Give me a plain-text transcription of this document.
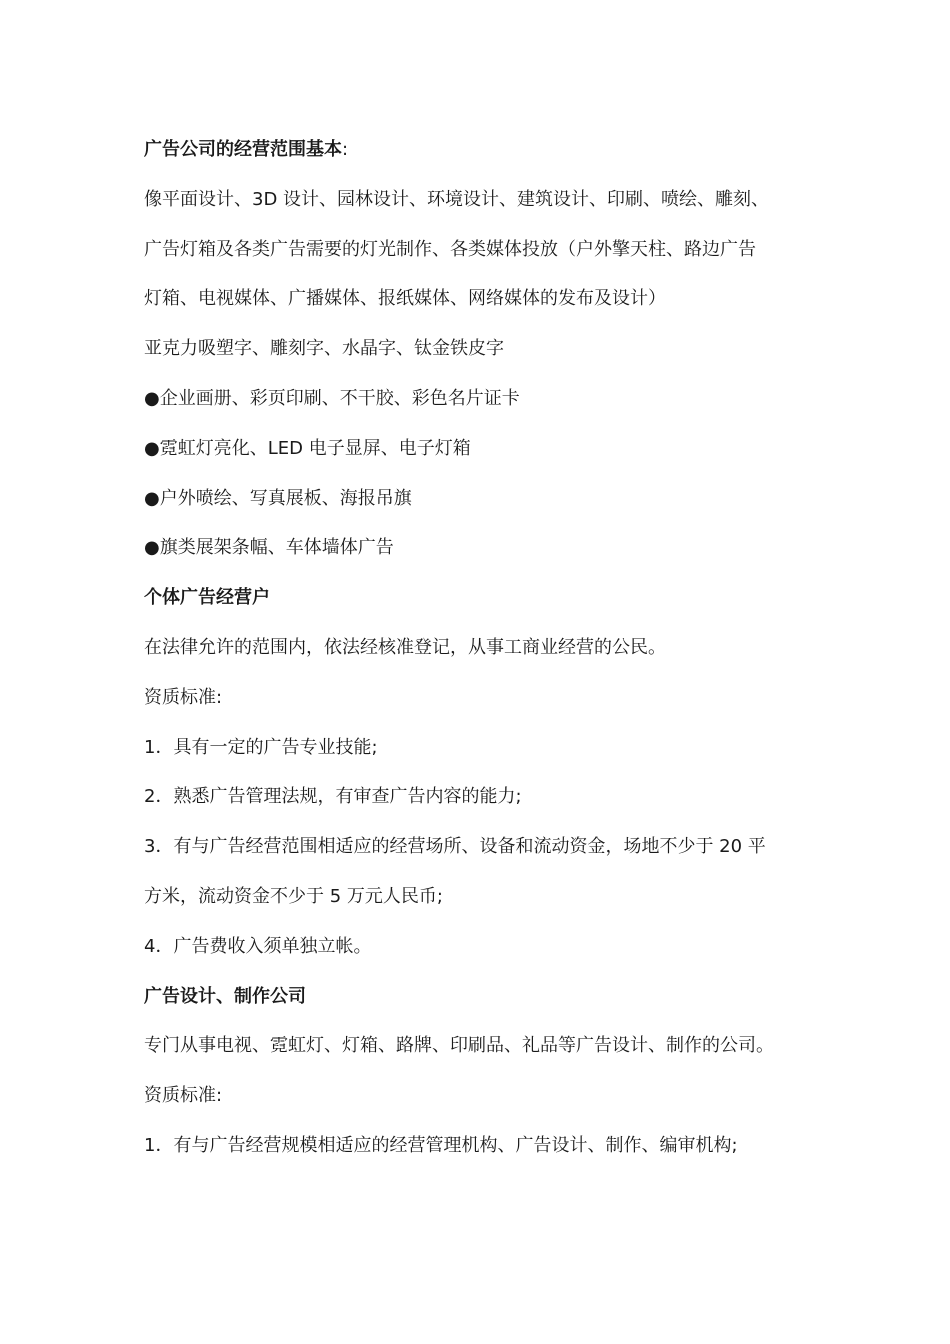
广告公司的经营范围基本:
像平面设计、3D 设计、园林设计、环境设计、建筑设计、印刷、喷绘、雕刻、
广告灯箱及各类广告需要的灯光制作、各类媒体投放（户外擎天柱、路边广告
灯箱、电视媒体、广播媒体、报纸媒体、网络媒体的发布及设计）
亚克力吸塑字、雕刻字、水晶字、钛金铁皮字
●企业画册、彩页印刷、不干胶、彩色名片证卡
●霓虹灯亮化、LED 电子显屏、电子灯箱
●户外喷绘、写真展板、海报吊旗
●旗类展架条幅、车体墙体广告
个体广告经营户
在法律允许的范围内，依法经核准登记，从事工商业经营的公民。
资质标准:
1．具有一定的广告专业技能;
2．熟悉广告管理法规，有审查广告内容的能力;
3．有与广告经营范围相适应的经营场所、设备和流动资金，场地不少于 20 平
方米，流动资金不少于 5 万元人民币;
4．广告费收入须单独立帐。
广告设计、制作公司
专门从事电视、霓虹灯、灯箱、路牌、印刷品、礼品等广告设计、制作的公司。
资质标准:
1．有与广告经营规模相适应的经营管理机构、广告设计、制作、编审机构;
